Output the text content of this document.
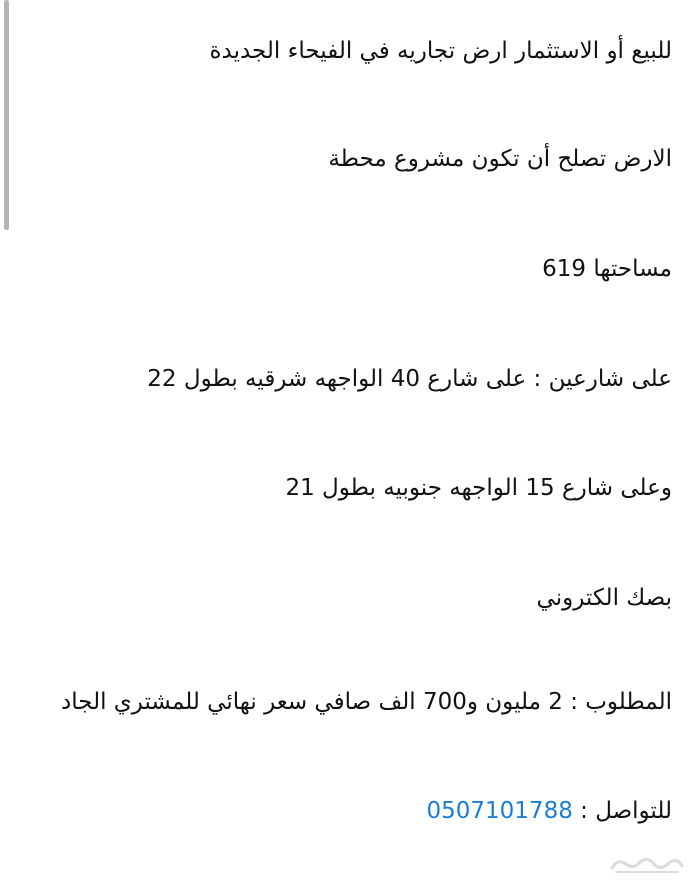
للبيع أو الاستثمار ارض تجاريه في الفيحاء الجديدة
الارض تصلح أن تكون مشروع محطة
مساحتها 619
على شارعين : على شارع 40 الواجهه شرقيه بطول 22
وعلى شارع 15 الواجهه جنوبيه بطول 21
بصك الكتروني
المطلوب : 2 مليون و700 الف صافي سعر نهائي للمشتري الجاد
للتواصل : 0507101788
